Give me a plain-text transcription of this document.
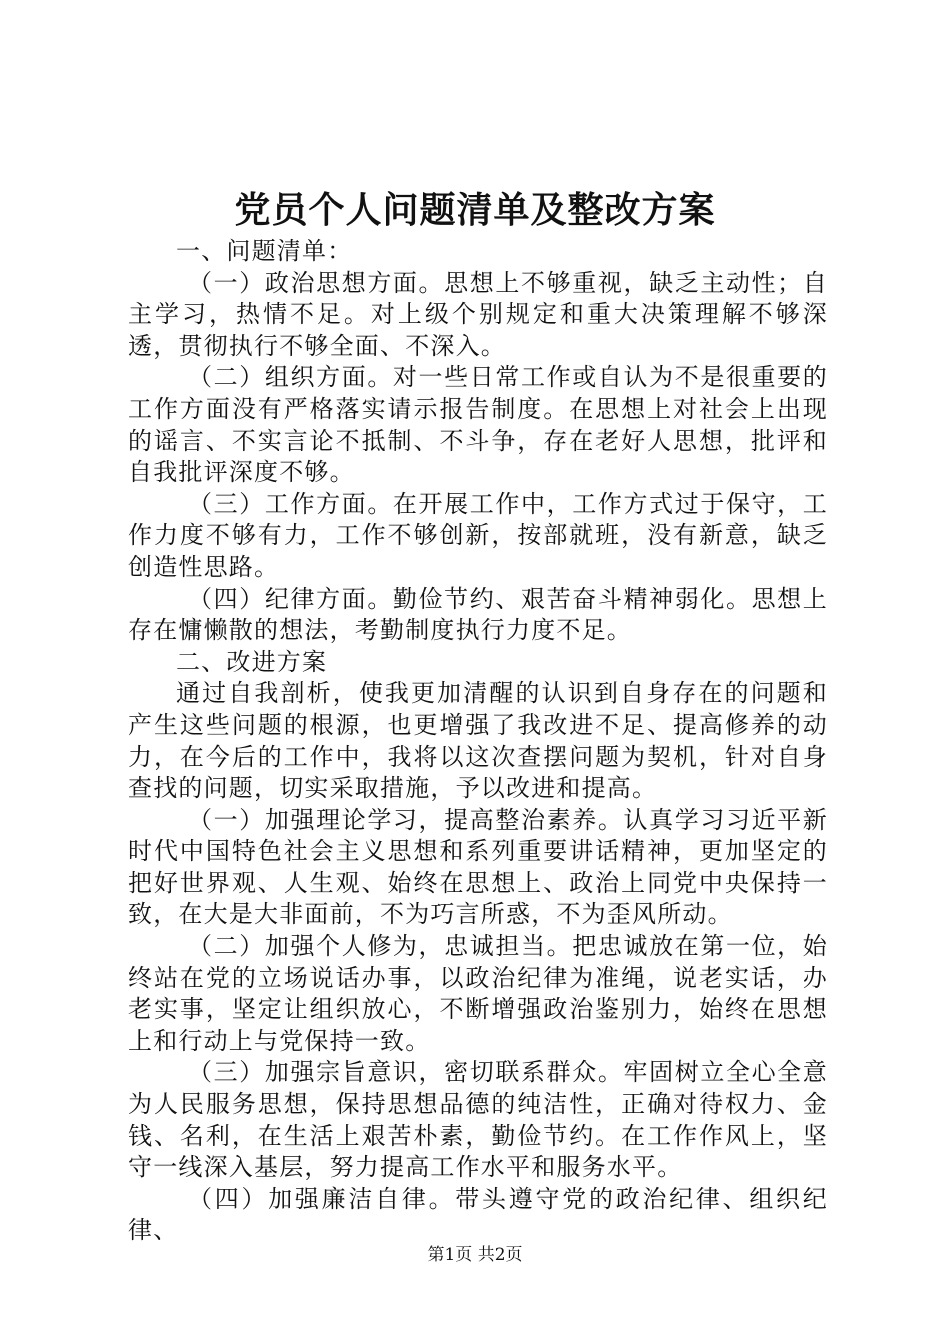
党员个人问题清单及整改方案

一、问题清单：

（一）政治思想方面。思想上不够重视，缺乏主动性；自主学习，热情不足。对上级个别规定和重大决策理解不够深透，贯彻执行不够全面、不深入。

（二）组织方面。对一些日常工作或自认为不是很重要的工作方面没有严格落实请示报告制度。在思想上对社会上出现的谣言、不实言论不抵制、不斗争，存在老好人思想，批评和自我批评深度不够。

（三）工作方面。在开展工作中，工作方式过于保守，工作力度不够有力，工作不够创新，按部就班，没有新意，缺乏创造性思路。

（四）纪律方面。勤俭节约、艰苦奋斗精神弱化。思想上存在慵懒散的想法，考勤制度执行力度不足。

二、改进方案

通过自我剖析，使我更加清醒的认识到自身存在的问题和产生这些问题的根源，也更增强了我改进不足、提高修养的动力，在今后的工作中，我将以这次查摆问题为契机，针对自身查找的问题，切实采取措施，予以改进和提高。

（一）加强理论学习，提高整治素养。认真学习习近平新时代中国特色社会主义思想和系列重要讲话精神，更加坚定的把好世界观、人生观、始终在思想上、政治上同党中央保持一致，在大是大非面前，不为巧言所惑，不为歪风所动。

（二）加强个人修为，忠诚担当。把忠诚放在第一位，始终站在党的立场说话办事，以政治纪律为准绳，说老实话，办老实事，坚定让组织放心，不断增强政治鉴别力，始终在思想上和行动上与党保持一致。

（三）加强宗旨意识，密切联系群众。牢固树立全心全意为人民服务思想，保持思想品德的纯洁性，正确对待权力、金钱、名利，在生活上艰苦朴素，勤俭节约。在工作作风上，坚守一线深入基层，努力提高工作水平和服务水平。

（四）加强廉洁自律。带头遵守党的政治纪律、组织纪律、

第1页 共2页
